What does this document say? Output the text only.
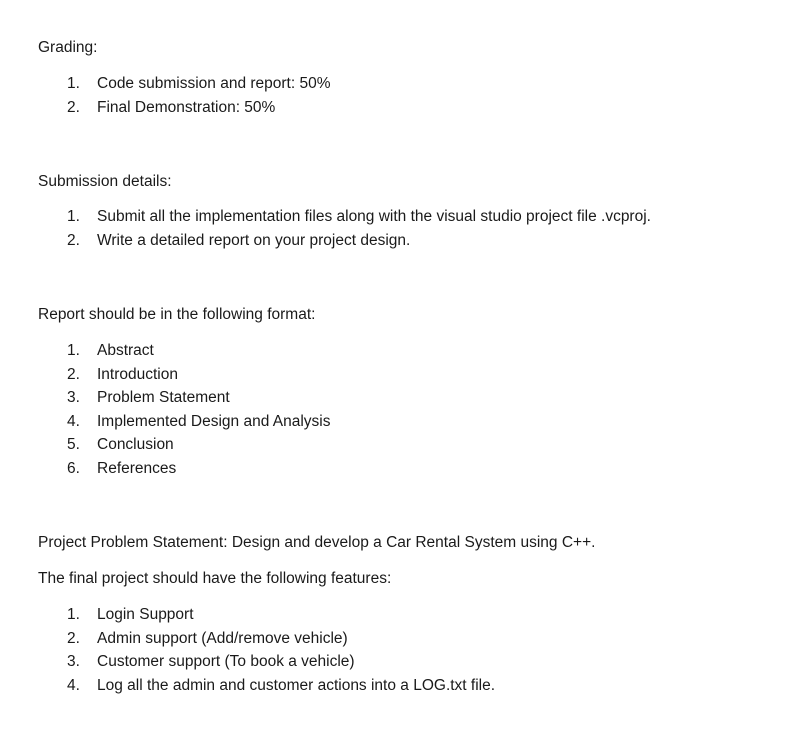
Grading:
1.	Code submission and report: 50%
2.	Final Demonstration: 50%
Submission details:
1.	Submit all the implementation files along with the visual studio project file .vcproj.
2.	Write a detailed report on your project design.
Report should be in the following format:
1.	Abstract
2.	Introduction
3.	Problem Statement
4.	Implemented Design and Analysis
5.	Conclusion
6.	References
Project Problem Statement: Design and develop a Car Rental System using C++.
The final project should have the following features:
1.	Login Support
2.	Admin support (Add/remove vehicle)
3.	Customer support (To book a vehicle)
4.	Log all the admin and customer actions into a LOG.txt file.
